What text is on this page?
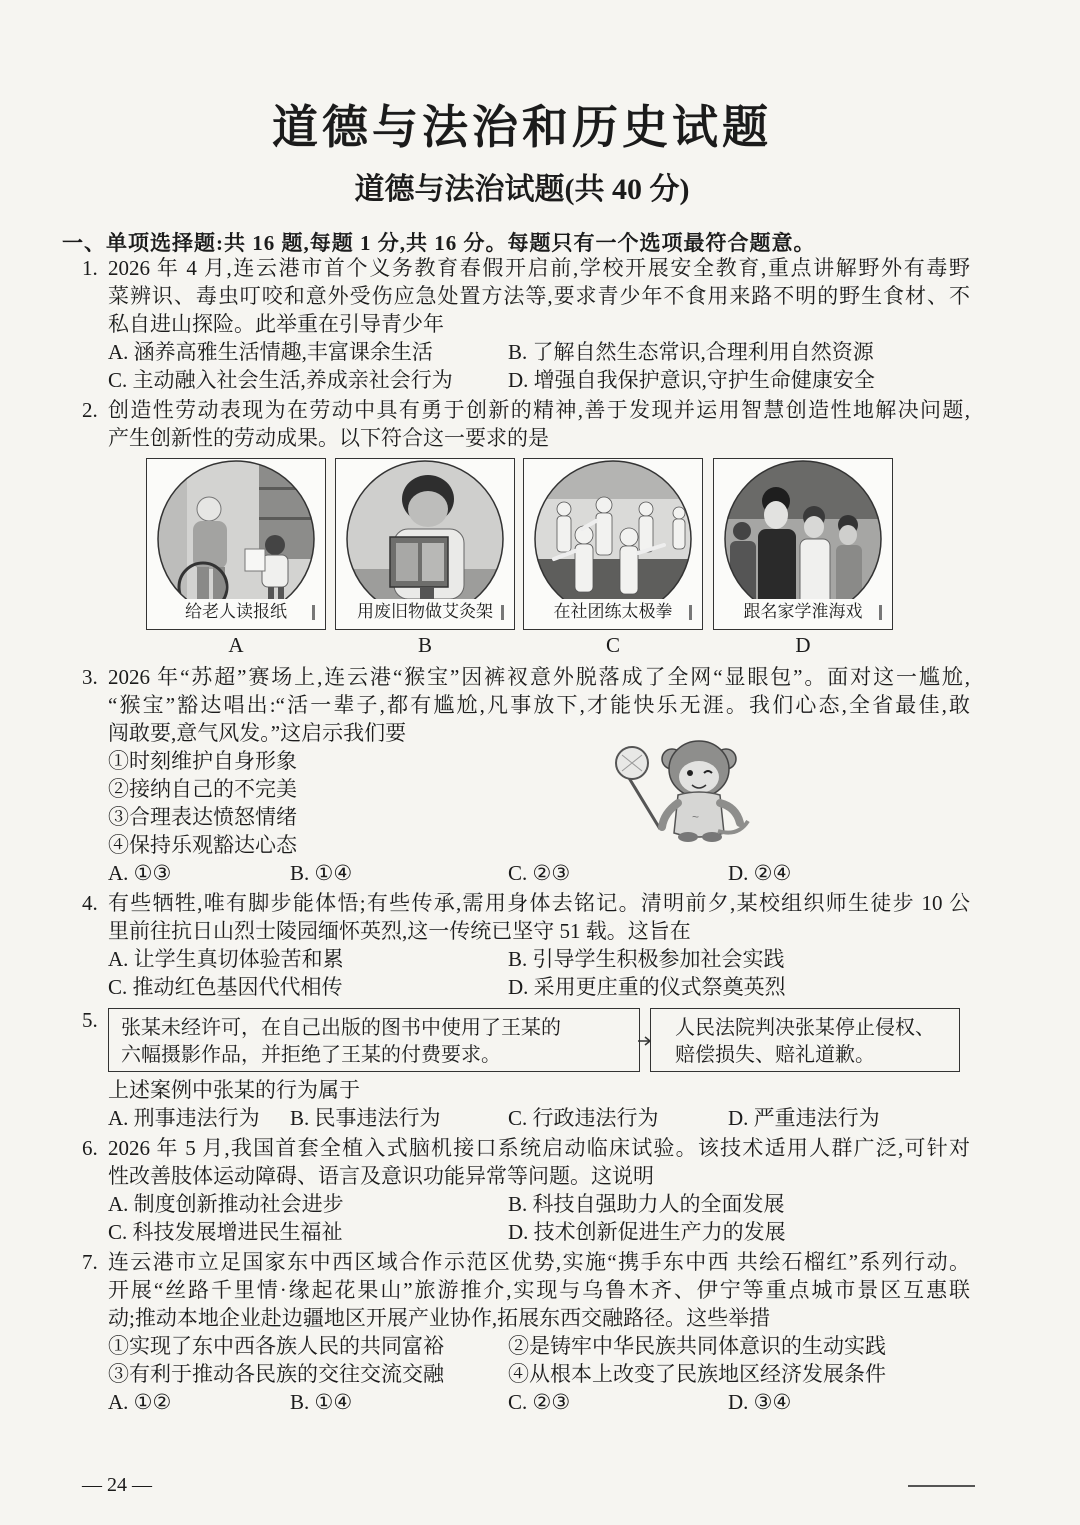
道德与法治和历史试题
道德与法治试题(共 40 分)
一、单项选择题:共 16 题,每题 1 分,共 16 分。每题只有一个选项最符合题意。
1. 2026 年 4 月,连云港市首个义务教育春假开启前,学校开展安全教育,重点讲解野外有毒野
菜辨识、毒虫叮咬和意外受伤应急处置方法等,要求青少年不食用来路不明的野生食材、不
私自进山探险。此举重在引导青少年
A. 涵养高雅生活情趣,丰富课余生活	B. 了解自然生态常识,合理利用自然资源
C. 主动融入社会生活,养成亲社会行为	D. 增强自我保护意识,守护生命健康安全
2. 创造性劳动表现为在劳动中具有勇于创新的精神,善于发现并运用智慧创造性地解决问题,
产生创新性的劳动成果。以下符合这一要求的是
给老人读报纸	用废旧物做艾灸架	在社团练太极拳	跟名家学淮海戏
A	B	C	D
3. 2026 年“苏超”赛场上,连云港“猴宝”因裤衩意外脱落成了全网“显眼包”。面对这一尴尬,
“猴宝”豁达唱出:“活一辈子,都有尴尬,凡事放下,才能快乐无涯。我们心态,全省最佳,敢
闯敢要,意气风发。”这启示我们要
①时刻维护自身形象
②接纳自己的不完美
③合理表达愤怒情绪
④保持乐观豁达心态
A. ①③	B. ①④	C. ②③	D. ②④
~
4. 有些牺牲,唯有脚步能体悟;有些传承,需用身体去铭记。清明前夕,某校组织师生徒步 10 公
里前往抗日山烈士陵园缅怀英烈,这一传统已坚守 51 载。这旨在
A. 让学生真切体验苦和累	B. 引导学生积极参加社会实践
C. 推动红色基因代代相传	D. 采用更庄重的仪式祭奠英烈
5. 张某未经许可，在自己出版的图书中使用了王某的
六幅摄影作品，并拒绝了王某的付费要求。
人民法院判决张某停止侵权、
赔偿损失、赔礼道歉。
上述案例中张某的行为属于
A. 刑事违法行为 B. 民事违法行为	C. 行政违法行为	D. 严重违法行为
6. 2026 年 5 月,我国首套全植入式脑机接口系统启动临床试验。该技术适用人群广泛,可针对
性改善肢体运动障碍、语言及意识功能异常等问题。这说明
A. 制度创新推动社会进步	B. 科技自强助力人的全面发展
C. 科技发展增进民生福祉	D. 技术创新促进生产力的发展
7. 连云港市立足国家东中西区域合作示范区优势,实施“携手东中西 共绘石榴红”系列行动。
开展“丝路千里情·缘起花果山”旅游推介,实现与乌鲁木齐、伊宁等重点城市景区互惠联
动;推动本地企业赴边疆地区开展产业协作,拓展东西交融路径。这些举措
①实现了东中西各族人民的共同富裕	②是铸牢中华民族共同体意识的生动实践
③有利于推动各民族的交往交流交融	④从根本上改变了民族地区经济发展条件
A. ①②	B. ①④	C. ②③	D. ③④
— 24 —
